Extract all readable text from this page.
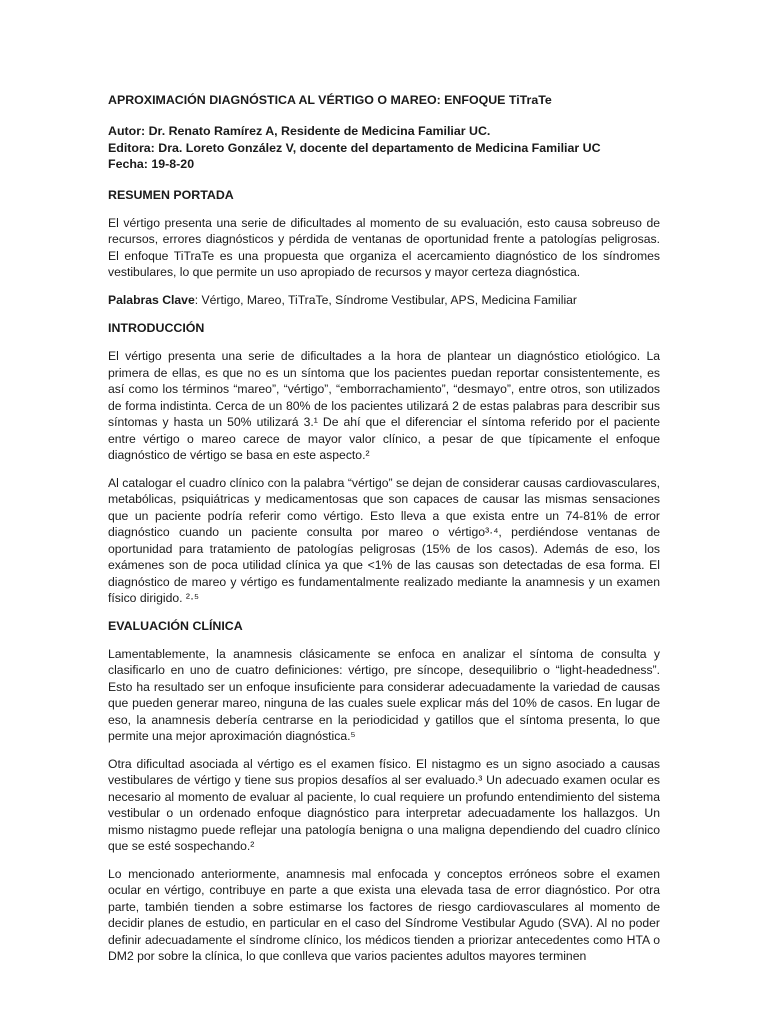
APROXIMACIÓN DIAGNÓSTICA AL VÉRTIGO O MAREO: ENFOQUE TiTraTe
Autor: Dr. Renato Ramírez A, Residente de Medicina Familiar UC.
Editora: Dra. Loreto González V, docente del departamento de Medicina Familiar UC
Fecha: 19-8-20
RESUMEN PORTADA

El vértigo presenta una serie de dificultades al momento de su evaluación, esto causa sobreuso de recursos, errores diagnósticos y pérdida de ventanas de oportunidad frente a patologías peligrosas. El enfoque TiTraTe es una propuesta que organiza el acercamiento diagnóstico de los síndromes vestibulares, lo que permite un uso apropiado de recursos y mayor certeza diagnóstica.

Palabras Clave: Vértigo, Mareo, TiTraTe, Síndrome Vestibular, APS, Medicina Familiar

INTRODUCCIÓN

El vértigo presenta una serie de dificultades a la hora de plantear un diagnóstico etiológico. La primera de ellas, es que no es un síntoma que los pacientes puedan reportar consistentemente, es así como los términos “mareo”, “vértigo”, “emborrachamiento”, “desmayo”, entre otros, son utilizados de forma indistinta. Cerca de un 80% de los pacientes utilizará 2 de estas palabras para describir sus síntomas y hasta un 50% utilizará 3.¹ De ahí que el diferenciar el síntoma referido por el paciente entre vértigo o mareo carece de mayor valor clínico, a pesar de que típicamente el enfoque diagnóstico de vértigo se basa en este aspecto.²

Al catalogar el cuadro clínico con la palabra “vértigo” se dejan de considerar causas cardiovasculares, metabólicas, psiquiátricas y medicamentosas que son capaces de causar las mismas sensaciones que un paciente podría referir como vértigo. Esto lleva a que exista entre un 74-81% de error diagnóstico cuando un paciente consulta por mareo o vértigo³·⁴, perdiéndose ventanas de oportunidad para tratamiento de patologías peligrosas (15% de los casos). Además de eso, los exámenes son de poca utilidad clínica ya que <1% de las causas son detectadas de esa forma. El diagnóstico de mareo y vértigo es fundamentalmente realizado mediante la anamnesis y un examen físico dirigido. ²·⁵

EVALUACIÓN CLÍNICA

Lamentablemente, la anamnesis clásicamente se enfoca en analizar el síntoma de consulta y clasificarlo en uno de cuatro definiciones: vértigo, pre síncope, desequilibrio o “light-headedness”. Esto ha resultado ser un enfoque insuficiente para considerar adecuadamente la variedad de causas que pueden generar mareo, ninguna de las cuales suele explicar más del 10% de casos. En lugar de eso, la anamnesis debería centrarse en la periodicidad y gatillos que el síntoma presenta, lo que permite una mejor aproximación diagnóstica.⁵

Otra dificultad asociada al vértigo es el examen físico. El nistagmo es un signo asociado a causas vestibulares de vértigo y tiene sus propios desafíos al ser evaluado.³ Un adecuado examen ocular es necesario al momento de evaluar al paciente, lo cual requiere un profundo entendimiento del sistema vestibular o un ordenado enfoque diagnóstico para interpretar adecuadamente los hallazgos. Un mismo nistagmo puede reflejar una patología benigna o una maligna dependiendo del cuadro clínico que se esté sospechando.²

Lo mencionado anteriormente, anamnesis mal enfocada y conceptos erróneos sobre el examen ocular en vértigo, contribuye en parte a que exista una elevada tasa de error diagnóstico. Por otra parte, también tienden a sobre estimarse los factores de riesgo cardiovasculares al momento de decidir planes de estudio, en particular en el caso del Síndrome Vestibular Agudo (SVA). Al no poder definir adecuadamente el síndrome clínico, los médicos tienden a priorizar antecedentes como HTA o DM2 por sobre la clínica, lo que conlleva que varios pacientes adultos mayores terminen
